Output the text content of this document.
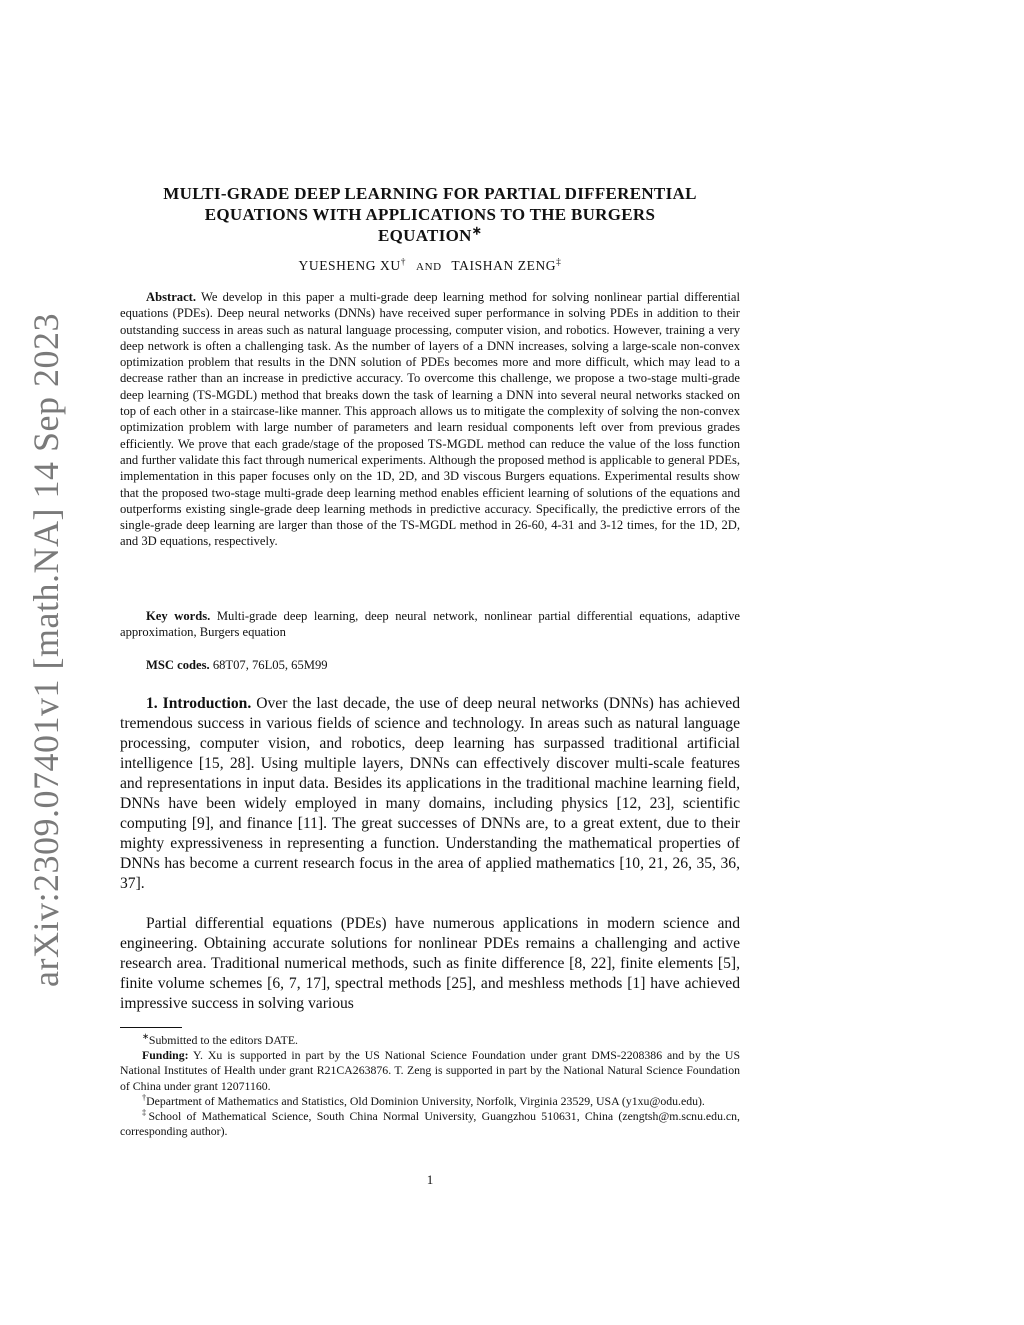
arXiv:2309.07401v1 [math.NA] 14 Sep 2023
MULTI-GRADE DEEP LEARNING FOR PARTIAL DIFFERENTIAL
EQUATIONS WITH APPLICATIONS TO THE BURGERS
EQUATION∗
YUESHENG XU† AND TAISHAN ZENG‡
Abstract. We develop in this paper a multi-grade deep learning method for solving nonlinear partial differential equations (PDEs). Deep neural networks (DNNs) have received super performance in solving PDEs in addition to their outstanding success in areas such as natural language processing, computer vision, and robotics. However, training a very deep network is often a challenging task. As the number of layers of a DNN increases, solving a large-scale non-convex optimization problem that results in the DNN solution of PDEs becomes more and more difficult, which may lead to a decrease rather than an increase in predictive accuracy. To overcome this challenge, we propose a two-stage multi-grade deep learning (TS-MGDL) method that breaks down the task of learning a DNN into several neural networks stacked on top of each other in a staircase-like manner. This approach allows us to mitigate the complexity of solving the non-convex optimization problem with large number of parameters and learn residual components left over from previous grades efficiently. We prove that each grade/stage of the proposed TS-MGDL method can reduce the value of the loss function and further validate this fact through numerical experiments. Although the proposed method is applicable to general PDEs, implementation in this paper focuses only on the 1D, 2D, and 3D viscous Burgers equations. Experimental results show that the proposed two-stage multi-grade deep learning method enables efficient learning of solutions of the equations and outperforms existing single-grade deep learning methods in predictive accuracy. Specifically, the predictive errors of the single-grade deep learning are larger than those of the TS-MGDL method in 26-60, 4-31 and 3-12 times, for the 1D, 2D, and 3D equations, respectively.
Key words. Multi-grade deep learning, deep neural network, nonlinear partial differential equations, adaptive approximation, Burgers equation
MSC codes. 68T07, 76L05, 65M99
1. Introduction. Over the last decade, the use of deep neural networks (DNNs) has achieved tremendous success in various fields of science and technology. In areas such as natural language processing, computer vision, and robotics, deep learning has surpassed traditional artificial intelligence [15, 28]. Using multiple layers, DNNs can effectively discover multi-scale features and representations in input data. Besides its applications in the traditional machine learning field, DNNs have been widely employed in many domains, including physics [12, 23], scientific computing [9], and finance [11]. The great successes of DNNs are, to a great extent, due to their mighty expressiveness in representing a function. Understanding the mathematical properties of DNNs has become a current research focus in the area of applied mathematics [10, 21, 26, 35, 36, 37].
Partial differential equations (PDEs) have numerous applications in modern science and engineering. Obtaining accurate solutions for nonlinear PDEs remains a challenging and active research area. Traditional numerical methods, such as finite difference [8, 22], finite elements [5], finite volume schemes [6, 7, 17], spectral methods [25], and meshless methods [1] have achieved impressive success in solving various

∗Submitted to the editors DATE.

Funding: Y. Xu is supported in part by the US National Science Foundation under grant DMS-2208386 and by the US National Institutes of Health under grant R21CA263876. T. Zeng is supported in part by the National Natural Science Foundation of China under grant 12071160.

†Department of Mathematics and Statistics, Old Dominion University, Norfolk, Virginia 23529, USA (y1xu@odu.edu).

‡School of Mathematical Science, South China Normal University, Guangzhou 510631, China (zengtsh@m.scnu.edu.cn, corresponding author).

1
